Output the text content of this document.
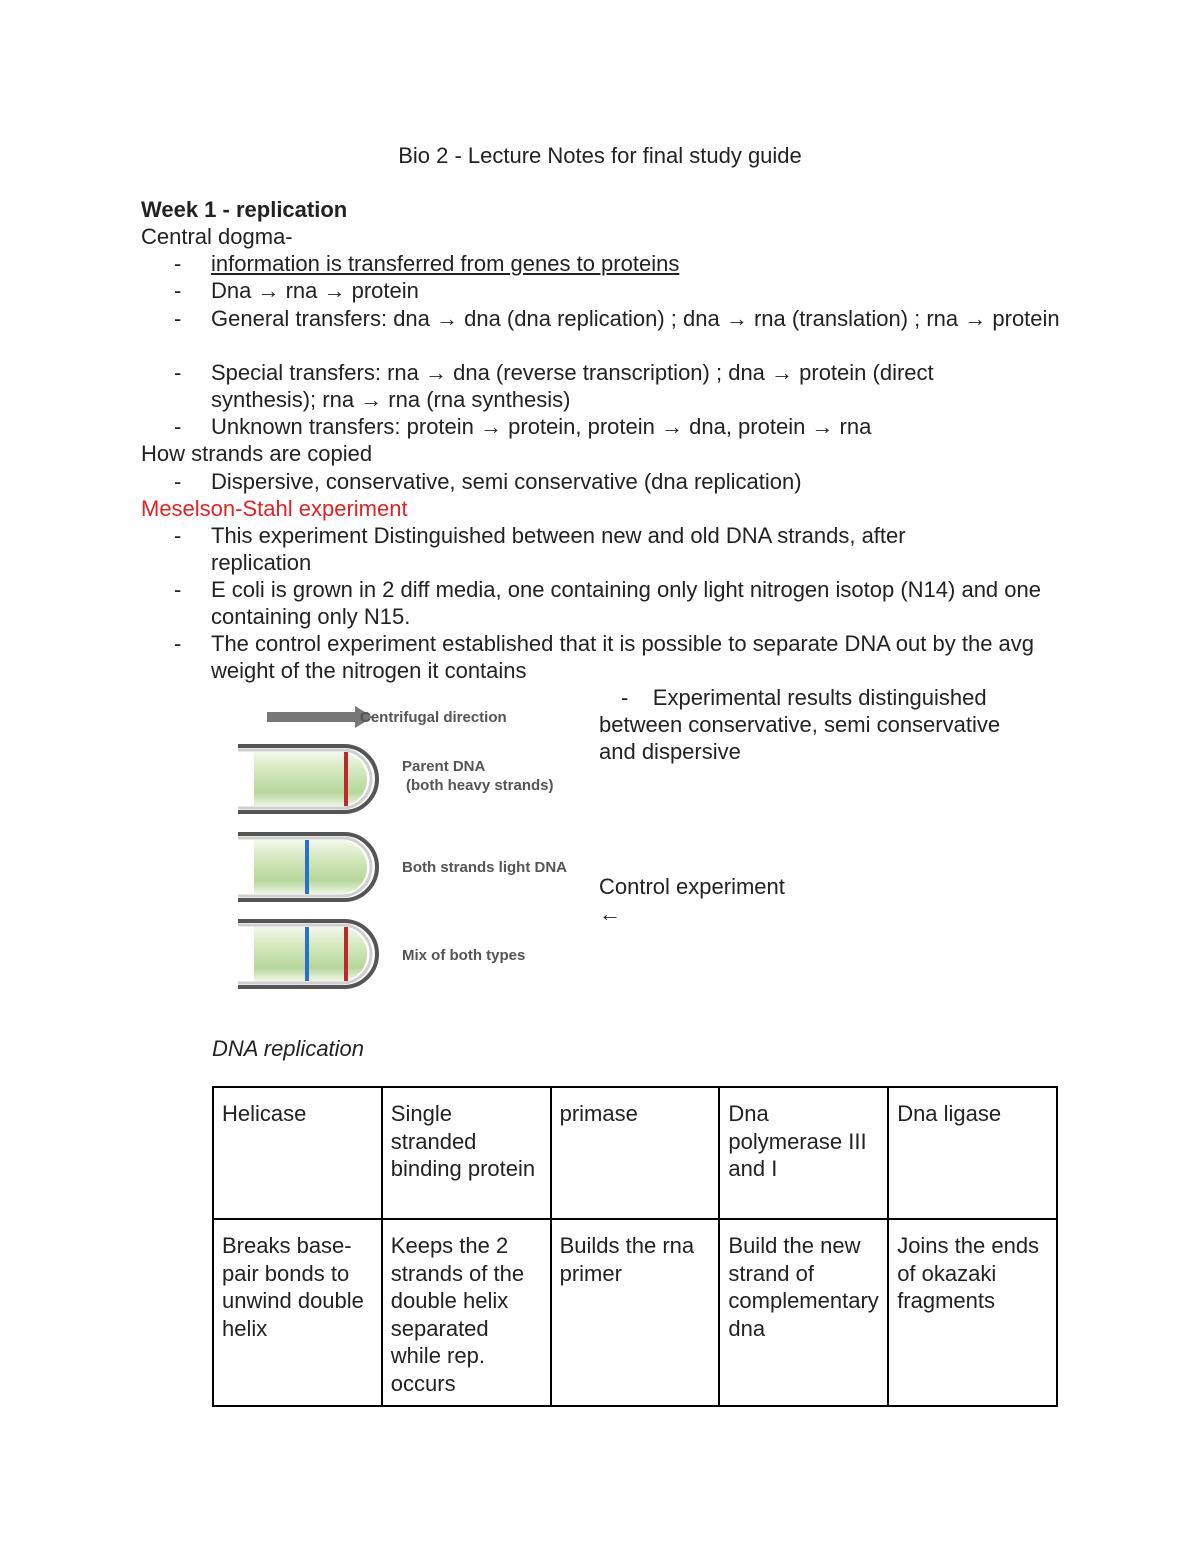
Bio 2 - Lecture Notes for final study guide
Week 1 - replication
Central dogma-
-	information is transferred from genes to proteins
-	Dna → rna → protein
-	General transfers: dna → dna (dna replication) ; dna → rna (translation) ; rna → protein
-	Special transfers: rna → dna (reverse transcription) ; dna → protein (direct synthesis); rna → rna (rna synthesis)
-	Unknown transfers: protein → protein, protein → dna, protein → rna
How strands are copied
-	Dispersive, conservative, semi conservative (dna replication)
Meselson-Stahl experiment
-	This experiment Distinguished between new and old DNA strands, after replication
-	E coli is grown in 2 diff media, one containing only light nitrogen isotop (N14) and one containing only N15.
-	The control experiment established that it is possible to separate DNA out by the avg weight of the nitrogen it contains
- Experimental results distinguished between conservative, semi conservative and dispersive
Control experiment
←
Centrifugal direction
Parent DNA
(both heavy strands)
Both strands light DNA
Mix of both types
DNA replication
Helicase	Single stranded binding protein	primase	Dna polymerase III and I	Dna ligase
Breaks base-pair bonds to unwind double helix	Keeps the 2 strands of the double helix separated while rep. occurs	Builds the rna primer	Build the new strand of complementary dna	Joins the ends of okazaki fragments
